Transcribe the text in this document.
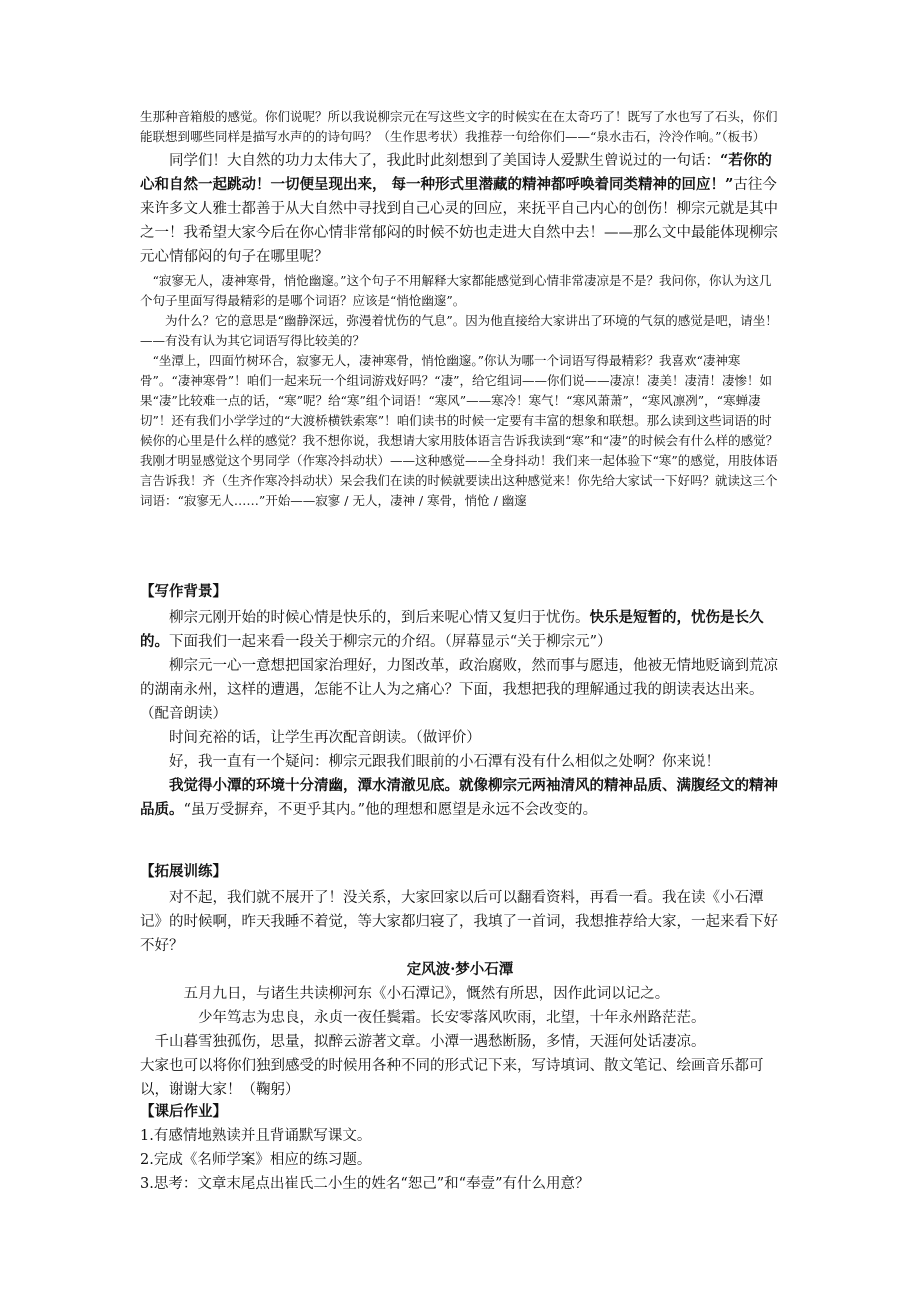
生那种音箱般的感觉。你们说呢？所以我说柳宗元在写这些文字的时候实在在太奇巧了！既写了水也写了石头，你们能联想到哪些同样是描写水声的的诗句吗？（生作思考状）我推荐一句给你们——“泉水击石，泠泠作响。”（板书）

同学们！大自然的功力太伟大了，我此时此刻想到了美国诗人爱默生曾说过的一句话：“若你的心和自然一起跳动！一切便呈现出来， 每一种形式里潜藏的精神都呼唤着同类精神的回应！”古往今来许多文人雅士都善于从大自然中寻找到自己心灵的回应，来抚平自己内心的创伤！柳宗元就是其中之一！我希望大家今后在你心情非常郁闷的时候不妨也走进大自然中去！——那么文中最能体现柳宗元心情郁闷的句子在哪里呢？

“寂寥无人，凄神寒骨，悄怆幽邃。”这个句子不用解释大家都能感觉到心情非常凄凉是不是？我问你，你认为这几个句子里面写得最精彩的是哪个词语？应该是“悄怆幽邃”。

为什么？它的意思是“幽静深远，弥漫着忧伤的气息”。因为他直接给大家讲出了环境的气氛的感觉是吧，请坐！——有没有认为其它词语写得比较美的？

“坐潭上，四面竹树环合，寂寥无人，凄神寒骨，悄怆幽邃。”你认为哪一个词语写得最精彩？我喜欢“凄神寒骨”。“凄神寒骨”！咱们一起来玩一个组词游戏好吗？“凄”，给它组词——你们说——凄凉！凄美！凄清！凄惨！如果“凄”比较难一点的话，“寒”呢？给“寒”组个词语！“寒风”——寒冷！寒气！“寒风萧萧”，“寒风凛冽”，“寒蝉凄切”！还有我们小学学过的“大渡桥横铁索寒”！咱们读书的时候一定要有丰富的想象和联想。那么读到这些词语的时候你的心里是什么样的感觉？我不想你说，我想请大家用肢体语言告诉我读到“寒”和“凄”的时候会有什么样的感觉？我刚才明显感觉这个男同学（作寒冷抖动状）——这种感觉——全身抖动！我们来一起体验下“寒”的感觉，用肢体语言告诉我！齐（生齐作寒冷抖动状）呆会我们在读的时候就要读出这种感觉来！你先给大家试一下好吗？就读这三个词语：“寂寥无人……”开始——寂寥 / 无人，凄神 / 寒骨，悄怆 / 幽邃

【写作背景】

柳宗元刚开始的时候心情是快乐的，到后来呢心情又复归于忧伤。快乐是短暂的，忧伤是长久的。下面我们一起来看一段关于柳宗元的介绍。（屏幕显示“关于柳宗元”）

柳宗元一心一意想把国家治理好，力图改革，政治腐败，然而事与愿违，他被无情地贬谪到荒凉的湖南永州，这样的遭遇，怎能不让人为之痛心？下面，我想把我的理解通过我的朗读表达出来。（配音朗读）

时间充裕的话，让学生再次配音朗读。（做评价）

好，我一直有一个疑问：柳宗元跟我们眼前的小石潭有没有什么相似之处啊？你来说！

我觉得小潭的环境十分清幽，潭水清澈见底。就像柳宗元两袖清风的精神品质、满腹经文的精神品质。“虽万受摒弃，不更乎其内。”他的理想和愿望是永远不会改变的。

【拓展训练】

对不起，我们就不展开了！没关系，大家回家以后可以翻看资料，再看一看。我在读《小石潭记》的时候啊，昨天我睡不着觉，等大家都归寝了，我填了一首词，我想推荐给大家，一起来看下好不好？

定风波·梦小石潭

五月九日，与诸生共读柳河东《小石潭记》，慨然有所思，因作此词以记之。

少年笃志为忠良，永贞一夜任鬓霜。长安零落风吹雨，北望，十年永州路茫茫。

千山暮雪独孤伤，思量，拟醉云游著文章。小潭一遇愁断肠，多情，天涯何处话凄凉。

大家也可以将你们独到感受的时候用各种不同的形式记下来，写诗填词、散文笔记、绘画音乐都可以，谢谢大家！（鞠躬）

【课后作业】

1.有感情地熟读并且背诵默写课文。

2.完成《名师学案》相应的练习题。

3.思考：文章末尾点出崔氏二小生的姓名“恕己”和“奉壹”有什么用意？
